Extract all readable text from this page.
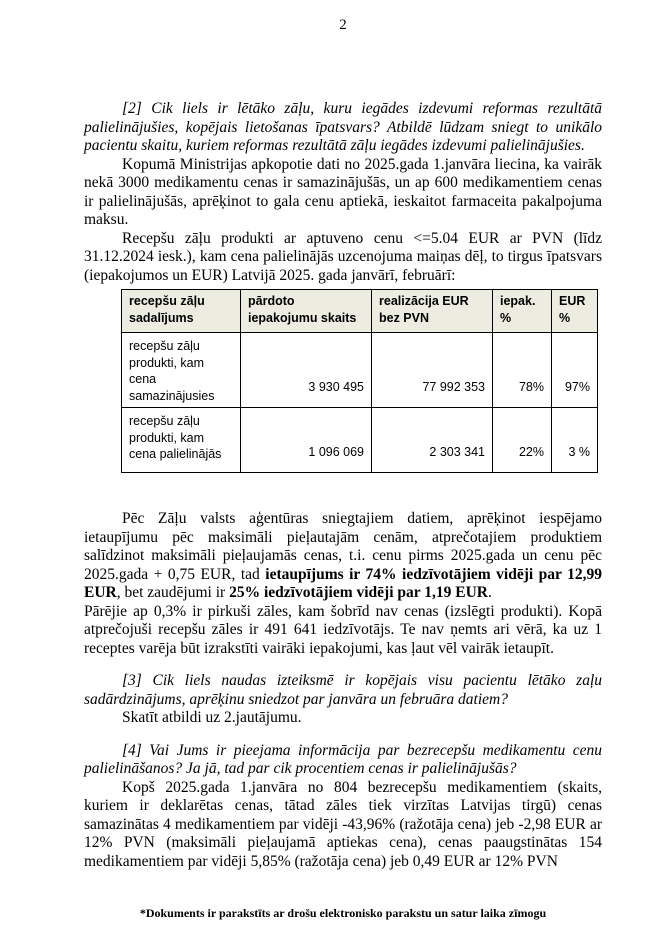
2

[2] Cik liels ir lētāko zāļu, kuru iegādes izdevumi reformas rezultātā palielinājušies, kopējais lietošanas īpatsvars? Atbildē lūdzam sniegt to unikālo pacientu skaitu, kuriem reformas rezultātā zāļu iegādes izdevumi palielinājušies.

Kopumā Ministrijas apkopotie dati no 2025.gada 1.janvāra liecina, ka vairāk nekā 3000 medikamentu cenas ir samazinājušās, un ap 600 medikamentiem cenas ir palielinājušās, aprēķinot to gala cenu aptiekā, ieskaitot farmaceita pakalpojuma maksu.

Recepšu zāļu produkti ar aptuveno cenu <=5.04 EUR ar PVN (līdz 31.12.2024 iesk.), kam cena palielinājās uzcenojuma maiņas dēļ, to tirgus īpatsvars (iepakojumos un EUR) Latvijā 2025. gada janvārī, februārī:

recepšu zāļu sadalījums	pārdoto iepakojumu skaits	realizācija EUR bez PVN	iepak. %	EUR %
recepšu zāļu produkti, kam cena samazinājusies	3 930 495	77 992 353	78%	97%
recepšu zāļu produkti, kam cena palielinājās	1 096 069	2 303 341	22%	3 %

Pēc Zāļu valsts aģentūras sniegtajiem datiem, aprēķinot iespējamo ietaupījumu pēc maksimāli pieļautajām cenām, atprečotajiem produktiem salīdzinot maksimāli pieļaujamās cenas, t.i. cenu pirms 2025.gada un cenu pēc 2025.gada + 0,75 EUR, tad ietaupījums ir 74% iedzīvotājiem vidēji par 12,99 EUR, bet zaudējumi ir 25% iedzīvotājiem vidēji par 1,19 EUR.

Pārējie ap 0,3% ir pirkuši zāles, kam šobrīd nav cenas (izslēgti produkti). Kopā atprečojuši recepšu zāles ir 491 641 iedzīvotājs. Te nav ņemts ari vērā, ka uz 1 receptes varēja būt izrakstīti vairāki iepakojumi, kas ļaut vēl vairāk ietaupīt.

[3] Cik liels naudas izteiksmē ir kopējais visu pacientu lētāko zaļu sadārdzinājums, aprēķinu sniedzot par janvāra un februāra datiem?

Skatīt atbildi uz 2.jautājumu.

[4] Vai Jums ir pieejama informācija par bezrecepšu medikamentu cenu palielināšanos? Ja jā, tad par cik procentiem cenas ir palielinājušās?

Kopš 2025.gada 1.janvāra no 804 bezrecepšu medikamentiem (skaits, kuriem ir deklarētas cenas, tātad zāles tiek virzītas Latvijas tirgū) cenas samazinātas 4 medikamentiem par vidēji -43,96% (ražotāja cena) jeb -2,98 EUR ar 12% PVN (maksimāli pieļaujamā aptiekas cena), cenas paaugstinātas 154 medikamentiem par vidēji 5,85% (ražotāja cena) jeb 0,49 EUR ar 12% PVN

*Dokuments ir parakstīts ar drošu elektronisko parakstu un satur laika zīmogu
